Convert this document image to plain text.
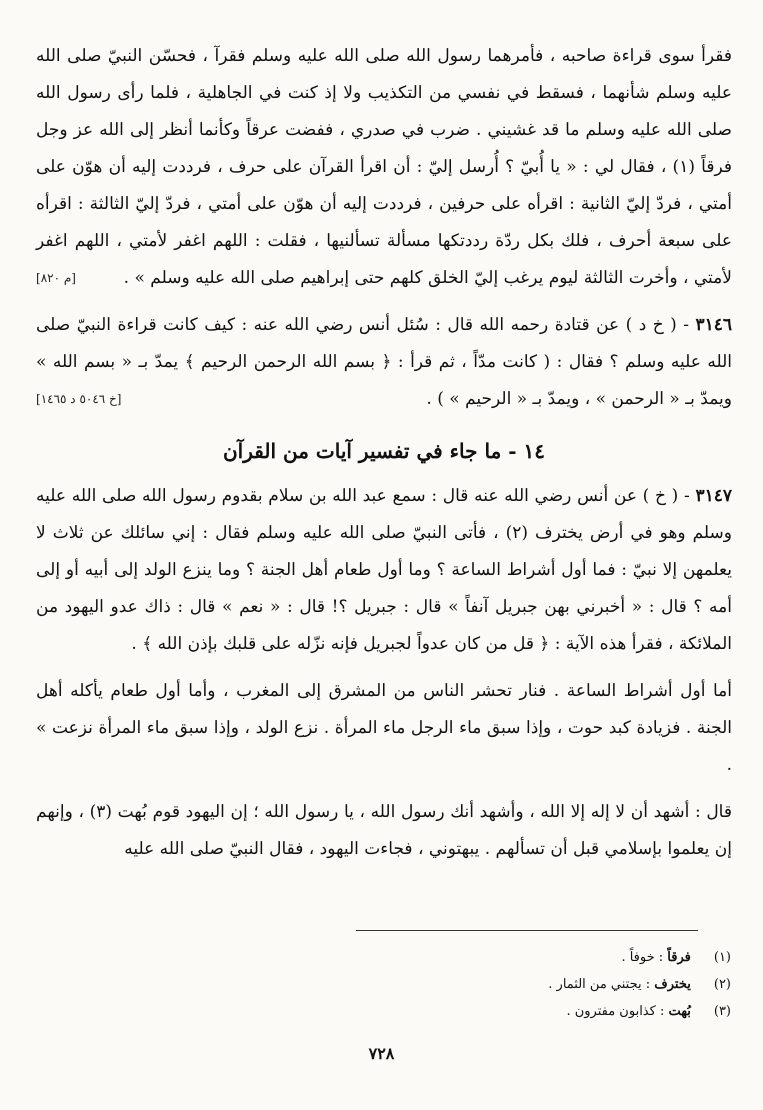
فقرأ سوى قراءة صاحبه ، فأمرهما رسول الله صلى الله عليه وسلم فقرآ ، فحسّن النبيّ صلى الله عليه وسلم شأنهما ، فسقط في نفسي من التكذيب ولا إذ كنت في الجاهلية ، فلما رأى رسول الله صلى الله عليه وسلم ما قد غشيني . ضرب في صدري ، ففضت عرقاً وكأنما أنظر إلى الله عز وجل فرقاً (١) ، فقال لي : « يا أُبيّ ؟ أُرسل إليّ : أن اقرأ القرآن على حرف ، فرددت إليه أن هوّن على أمتي ، فردّ إليّ الثانية : اقرأه على حرفين ، فرددت إليه أن هوّن على أمتي ، فردّ إليّ الثالثة : اقرأه على سبعة أحرف ، فلك بكل ردّة رددتكها مسألة تسألنيها ، فقلت : اللهم اغفر لأمتي ، اللهم اغفر لأمتي ، وأخرت الثالثة ليوم يرغب إليّ الخلق كلهم حتى إبراهيم صلى الله عليه وسلم » .
[م ٨٢٠]

٣١٤٦ - ( خ د ) عن قتادة رحمه الله قال : سُئل أنس رضي الله عنه : كيف كانت قراءة النبيّ صلى الله عليه وسلم ؟ فقال : ( كانت مدّاً ، ثم قرأ : ﴿ بسم الله الرحمن الرحيم ﴾ يمدّ بـ « بسم الله » ويمدّ بـ « الرحمن » ، ويمدّ بـ « الرحيم » ) .
[خ ٥٠٤٦ د ١٤٦٥]

١٤ - ما جاء في تفسير آيات من القرآن

٣١٤٧ - ( خ ) عن أنس رضي الله عنه قال : سمع عبد الله بن سلام بقدوم رسول الله صلى الله عليه وسلم وهو في أرض يخترف (٢) ، فأتى النبيّ صلى الله عليه وسلم فقال : إني سائلك عن ثلاث لا يعلمهن إلا نبيّ : فما أول أشراط الساعة ؟ وما أول طعام أهل الجنة ؟ وما ينزع الولد إلى أبيه أو إلى أمه ؟ قال : « أخبرني بهن جبريل آنفاً » قال : جبريل ؟! قال : « نعم » قال : ذاك عدو اليهود من الملائكة ، فقرأ هذه الآية : ﴿ قل من كان عدواً لجبريل فإنه نزّله على قلبك بإذن الله ﴾ .

أما أول أشراط الساعة . فنار تحشر الناس من المشرق إلى المغرب ، وأما أول طعام يأكله أهل الجنة . فزيادة كبد حوت ، وإذا سبق ماء الرجل ماء المرأة . نزع الولد ، وإذا سبق ماء المرأة نزعت » .

قال : أشهد أن لا إله إلا الله ، وأشهد أنك رسول الله ، يا رسول الله ؛ إن اليهود قوم بُهت (٣) ، وإنهم إن يعلموا بإسلامي قبل أن تسألهم . يبهتوني ، فجاءت اليهود ، فقال النبيّ صلى الله عليه

(١) فرقاً : خوفاً .
(٢) يخترف : يجتني من الثمار .
(٣) بُهت : كذابون مفترون .
٧٢٨
